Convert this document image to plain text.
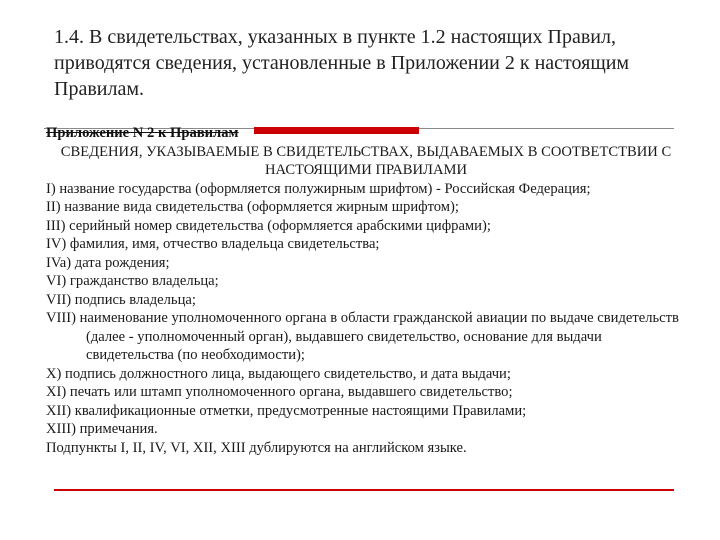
1.4. В свидетельствах, указанных в пункте 1.2 настоящих Правил, приводятся сведения, установленные в Приложении 2 к настоящим Правилам.
Приложение N 2 к Правилам
СВЕДЕНИЯ, УКАЗЫВАЕМЫЕ В СВИДЕТЕЛЬСТВАХ, ВЫДАВАЕМЫХ В СООТВЕТСТВИИ С НАСТОЯЩИМИ ПРАВИЛАМИ
I) название государства (оформляется полужирным шрифтом) - Российская Федерация;
II) название вида свидетельства (оформляется жирным шрифтом);
III) серийный номер свидетельства (оформляется арабскими цифрами);
IV) фамилия, имя, отчество владельца свидетельства;
IVa) дата рождения;
VI) гражданство владельца;
VII) подпись владельца;
VIII) наименование уполномоченного органа в области гражданской авиации по выдаче свидетельств (далее - уполномоченный орган), выдавшего свидетельство, основание для выдачи свидетельства (по необходимости);
X) подпись должностного лица, выдающего свидетельство, и дата выдачи;
XI) печать или штамп уполномоченного органа, выдавшего свидетельство;
XII) квалификационные отметки, предусмотренные настоящими Правилами;
XIII) примечания.
Подпункты I, II, IV, VI, XII, XIII дублируются на английском языке.
